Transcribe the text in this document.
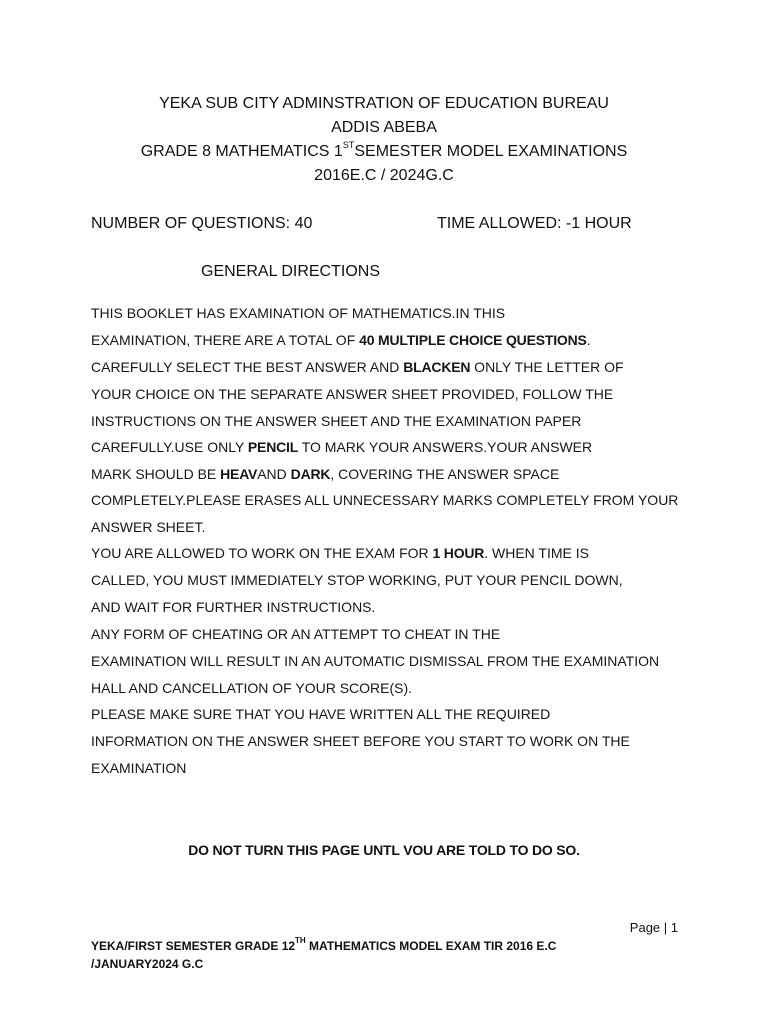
YEKA SUB CITY ADMINSTRATION OF EDUCATION BUREAU
ADDIS ABEBA
GRADE 8 MATHEMATICS 1STSEMESTER MODEL EXAMINATIONS
2016E.C / 2024G.C
NUMBER OF QUESTIONS: 40	TIME ALLOWED: -1 HOUR
GENERAL DIRECTIONS
THIS BOOKLET HAS EXAMINATION OF MATHEMATICS.IN THIS
EXAMINATION, THERE ARE A TOTAL OF 40 MULTIPLE CHOICE QUESTIONS.
CAREFULLY SELECT THE BEST ANSWER AND BLACKEN ONLY THE LETTER OF
YOUR CHOICE ON THE SEPARATE ANSWER SHEET PROVIDED, FOLLOW THE
INSTRUCTIONS ON THE ANSWER SHEET AND THE EXAMINATION PAPER
CAREFULLY.USE ONLY PENCIL TO MARK YOUR ANSWERS.YOUR ANSWER
MARK SHOULD BE HEAVAND DARK, COVERING THE ANSWER SPACE
COMPLETELY.PLEASE ERASES ALL UNNECESSARY MARKS COMPLETELY FROM YOUR
ANSWER SHEET.
YOU ARE ALLOWED TO WORK ON THE EXAM FOR 1 HOUR. WHEN TIME IS
CALLED, YOU MUST IMMEDIATELY STOP WORKING, PUT YOUR PENCIL DOWN,
AND WAIT FOR FURTHER INSTRUCTIONS.
ANY FORM OF CHEATING OR AN ATTEMPT TO CHEAT IN THE
EXAMINATION WILL RESULT IN AN AUTOMATIC DISMISSAL FROM THE EXAMINATION
HALL AND CANCELLATION OF YOUR SCORE(S).
PLEASE MAKE SURE THAT YOU HAVE WRITTEN ALL THE REQUIRED
INFORMATION ON THE ANSWER SHEET BEFORE YOU START TO WORK ON THE
EXAMINATION
DO NOT TURN THIS PAGE UNTL VOU ARE TOLD TO DO SO.
Page | 1
YEKA/FIRST SEMESTER GRADE 12TH MATHEMATICS MODEL EXAM TIR 2016 E.C
/JANUARY2024 G.C
